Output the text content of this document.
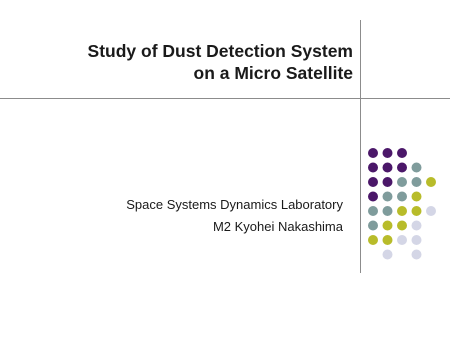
Study of Dust Detection System
on a Micro Satellite
Space Systems Dynamics Laboratory
M2 Kyohei Nakashima
